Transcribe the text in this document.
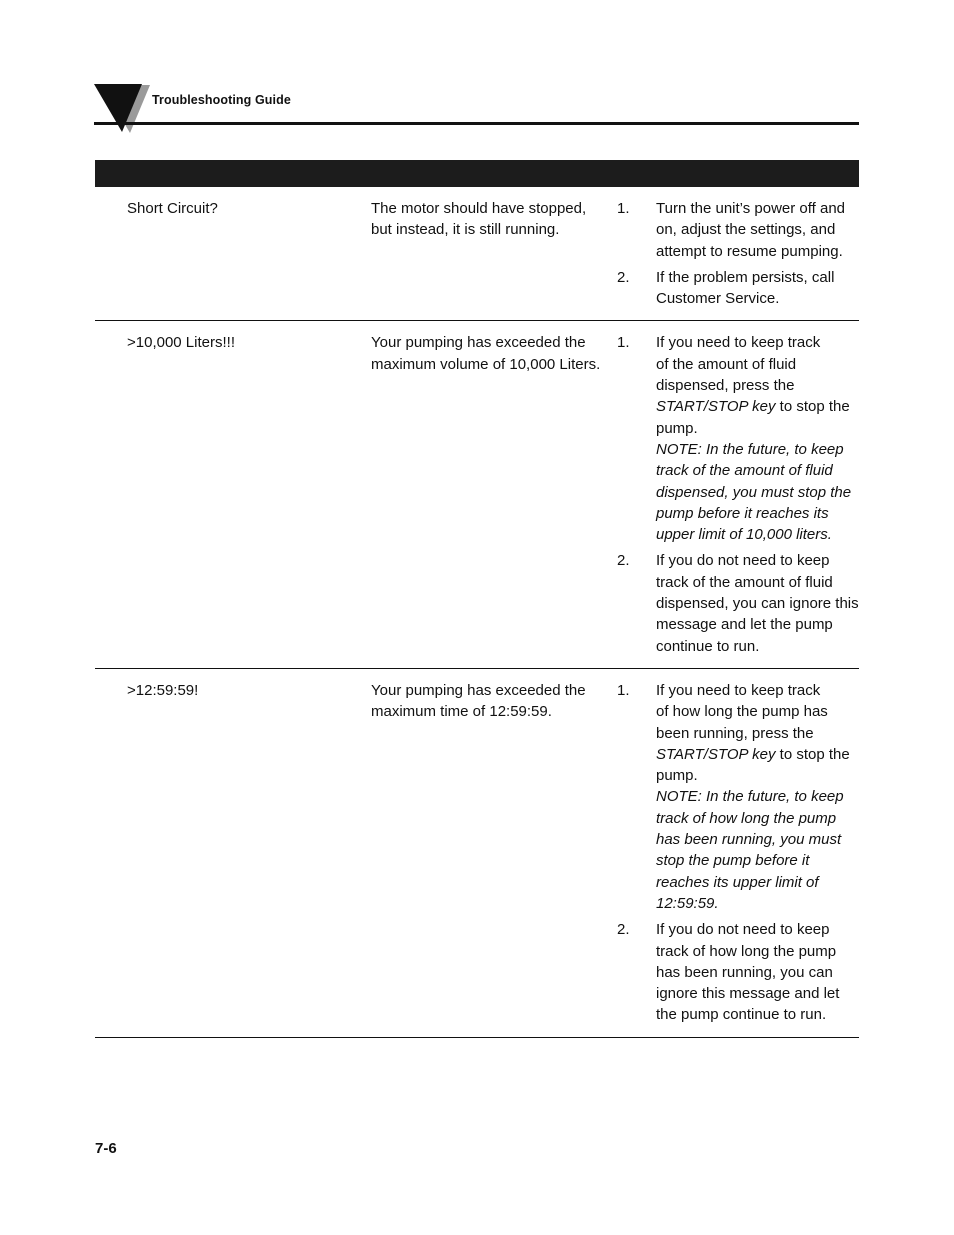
Troubleshooting Guide
Short Circuit?	The motor should have stopped, but instead, it is still running.
1. Turn the unit’s power off and
on, adjust the settings, and
attempt to resume pumping.
2. If the problem persists, call
Customer Service.
>10,000 Liters!!!	Your pumping has exceeded the maximum volume of 10,000 Liters.
1. If you need to keep track
of the amount of fluid
dispensed, press the
START/STOP key to stop the
pump.
NOTE: In the future, to keep
track of the amount of fluid
dispensed, you must stop the
pump before it reaches its
upper limit of 10,000 liters.
2. If you do not need to keep
track of the amount of fluid
dispensed, you can ignore this
message and let the pump
continue to run.
>12:59:59!	Your pumping has exceeded the maximum time of 12:59:59.
1. If you need to keep track
of how long the pump has
been running, press the
START/STOP key to stop the
pump.
NOTE: In the future, to keep
track of how long the pump
has been running, you must
stop the pump before it
reaches its upper limit of
12:59:59.
2. If you do not need to keep
track of how long the pump
has been running, you can
ignore this message and let
the pump continue to run.
7-6
